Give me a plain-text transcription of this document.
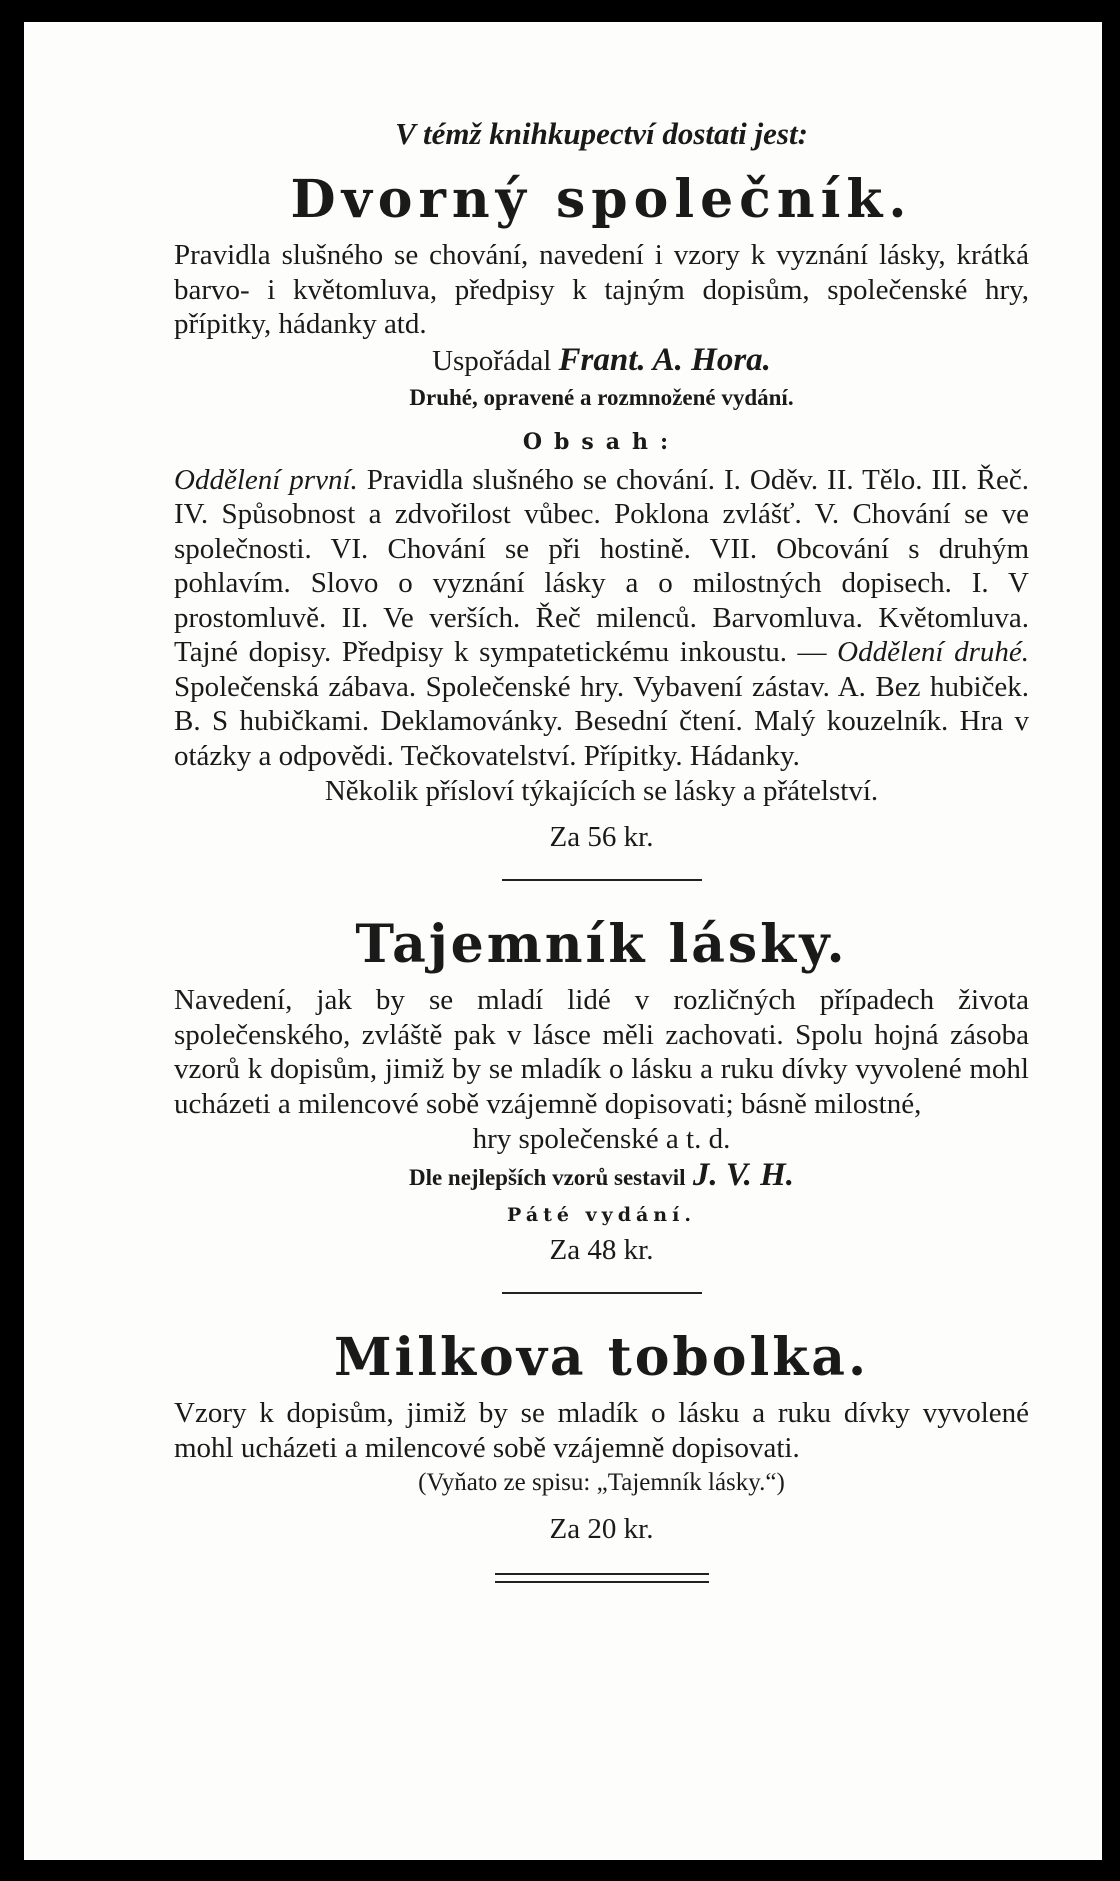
V témž knihkupectví dostati jest:

Dvorný společník.

Pravidla slušného se chování, navedení i vzory k vyznání lásky, krátká barvo- i květomluva, předpisy k tajným dopisům, společenské hry, přípitky, hádanky atd.

Uspořádal Frant. A. Hora.

Druhé, opravené a rozmnožené vydání.

Obsah:

Oddělení první. Pravidla slušného se chování. I. Oděv. II. Tělo. III. Řeč. IV. Spůsobnost a zdvořilost vůbec. Poklona zvlášť. V. Chování se ve společnosti. VI. Chování se při hostině. VII. Obcování s druhým pohlavím. Slovo o vyznání lásky a o milostných dopisech. I. V prostomluvě. II. Ve verších. Řeč milenců. Barvomluva. Květomluva. Tajné dopisy. Předpisy k sympatetickému inkoustu. — Oddělení druhé. Společenská zábava. Společenské hry. Vybavení zástav. A. Bez hubiček. B. S hubičkami. Deklamovánky. Besední čtení. Malý kouzelník. Hra v otázky a odpovědi. Tečkovatelství. Přípitky. Hádanky.

Několik přísloví týkajících se lásky a přátelství.

Za 56 kr.

Tajemník lásky.

Navedení, jak by se mladí lidé v rozličných případech života společenského, zvláště pak v lásce měli zachovati. Spolu hojná zásoba vzorů k dopisům, jimiž by se mladík o lásku a ruku dívky vyvolené mohl ucházeti a milencové sobě vzájemně dopisovati; básně milostné,

hry společenské a t. d.

Dle nejlepších vzorů sestavil J. V. H.

Páté vydání.

Za 48 kr.

Milkova tobolka.

Vzory k dopisům, jimiž by se mladík o lásku a ruku dívky vyvolené mohl ucházeti a milencové sobě vzájemně dopisovati.

(Vyňato ze spisu: „Tajemník lásky.“)

Za 20 kr.
